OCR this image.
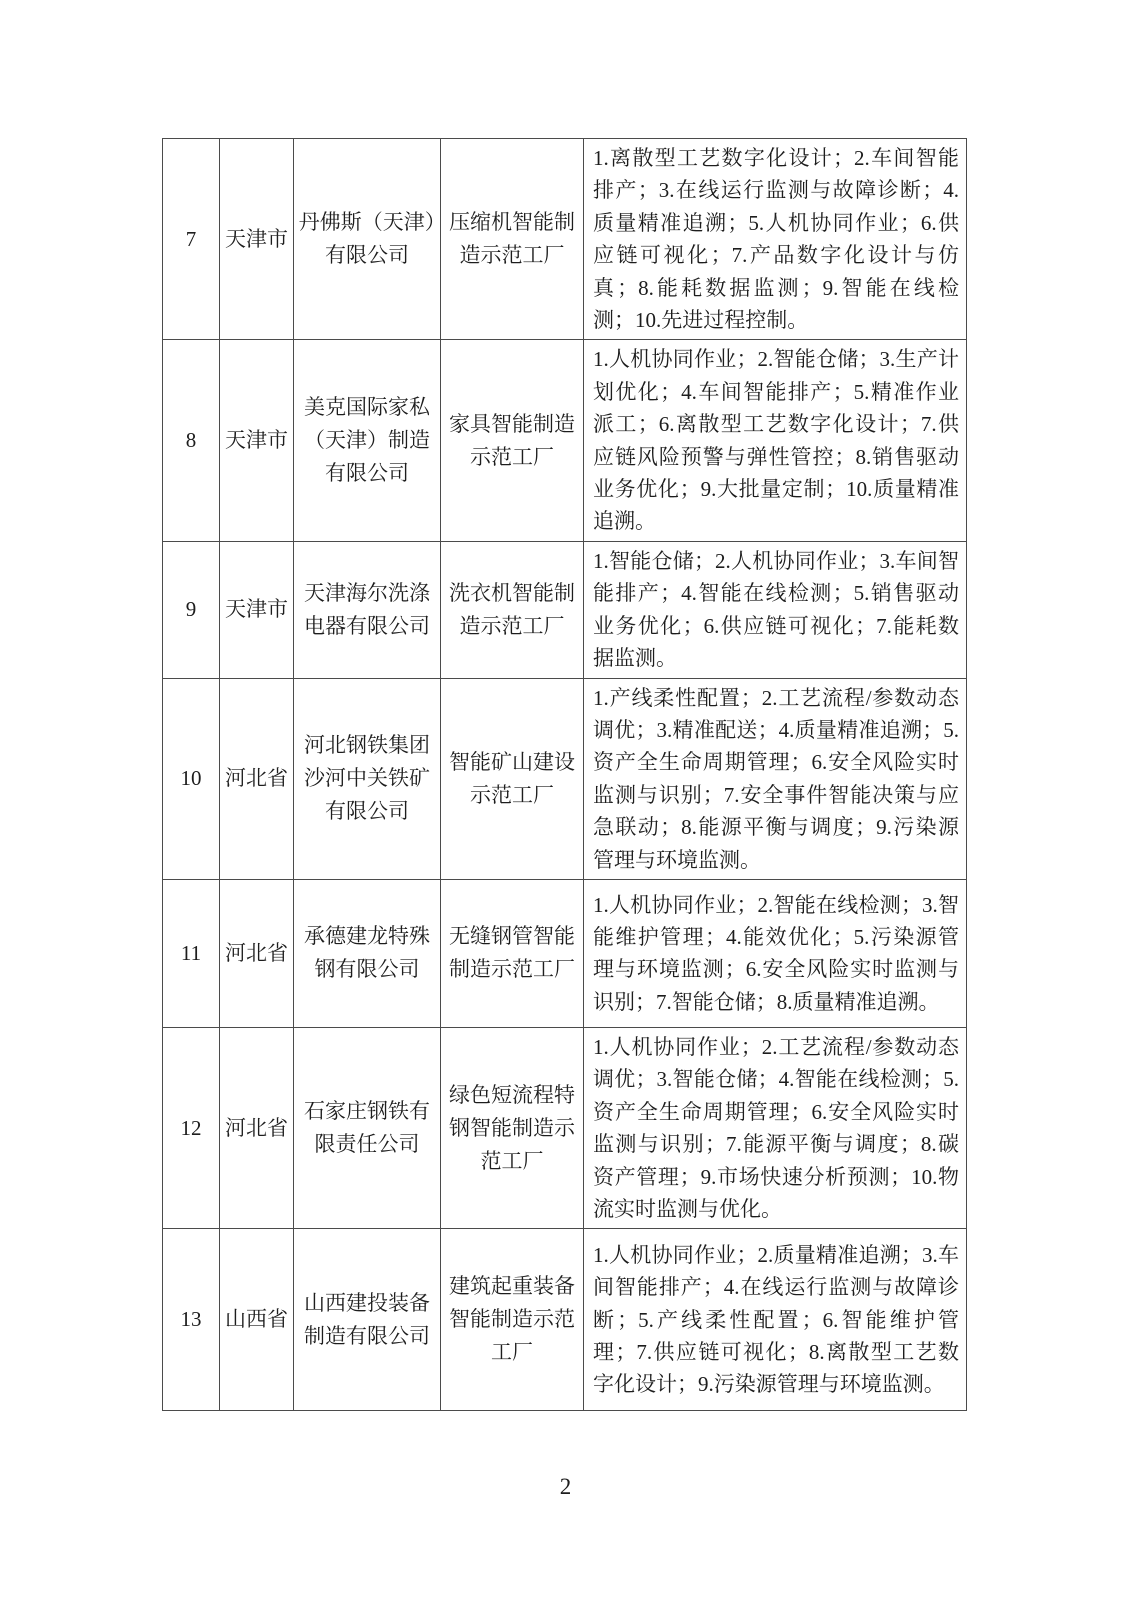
7	天津市	丹佛斯（天津）有限公司	压缩机智能制造示范工厂	1.离散型工艺数字化设计；2.车间智能排产；3.在线运行监测与故障诊断；4.质量精准追溯；5.人机协同作业；6.供应链可视化；7.产品数字化设计与仿真；8.能耗数据监测；9.智能在线检测；10.先进过程控制。
8	天津市	美克国际家私（天津）制造有限公司	家具智能制造示范工厂	1.人机协同作业；2.智能仓储；3.生产计划优化；4.车间智能排产；5.精准作业派工；6.离散型工艺数字化设计；7.供应链风险预警与弹性管控；8.销售驱动业务优化；9.大批量定制；10.质量精准追溯。
9	天津市	天津海尔洗涤电器有限公司	洗衣机智能制造示范工厂	1.智能仓储；2.人机协同作业；3.车间智能排产；4.智能在线检测；5.销售驱动业务优化；6.供应链可视化；7.能耗数据监测。
10	河北省	河北钢铁集团沙河中关铁矿有限公司	智能矿山建设示范工厂	1.产线柔性配置；2.工艺流程/参数动态调优；3.精准配送；4.质量精准追溯；5.资产全生命周期管理；6.安全风险实时监测与识别；7.安全事件智能决策与应急联动；8.能源平衡与调度；9.污染源管理与环境监测。
11	河北省	承德建龙特殊钢有限公司	无缝钢管智能制造示范工厂	1.人机协同作业；2.智能在线检测；3.智能维护管理；4.能效优化；5.污染源管理与环境监测；6.安全风险实时监测与识别；7.智能仓储；8.质量精准追溯。
12	河北省	石家庄钢铁有限责任公司	绿色短流程特钢智能制造示范工厂	1.人机协同作业；2.工艺流程/参数动态调优；3.智能仓储；4.智能在线检测；5.资产全生命周期管理；6.安全风险实时监测与识别；7.能源平衡与调度；8.碳资产管理；9.市场快速分析预测；10.物流实时监测与优化。
13	山西省	山西建投装备制造有限公司	建筑起重装备智能制造示范工厂	1.人机协同作业；2.质量精准追溯；3.车间智能排产；4.在线运行监测与故障诊断；5.产线柔性配置；6.智能维护管理；7.供应链可视化；8.离散型工艺数字化设计；9.污染源管理与环境监测。
2
